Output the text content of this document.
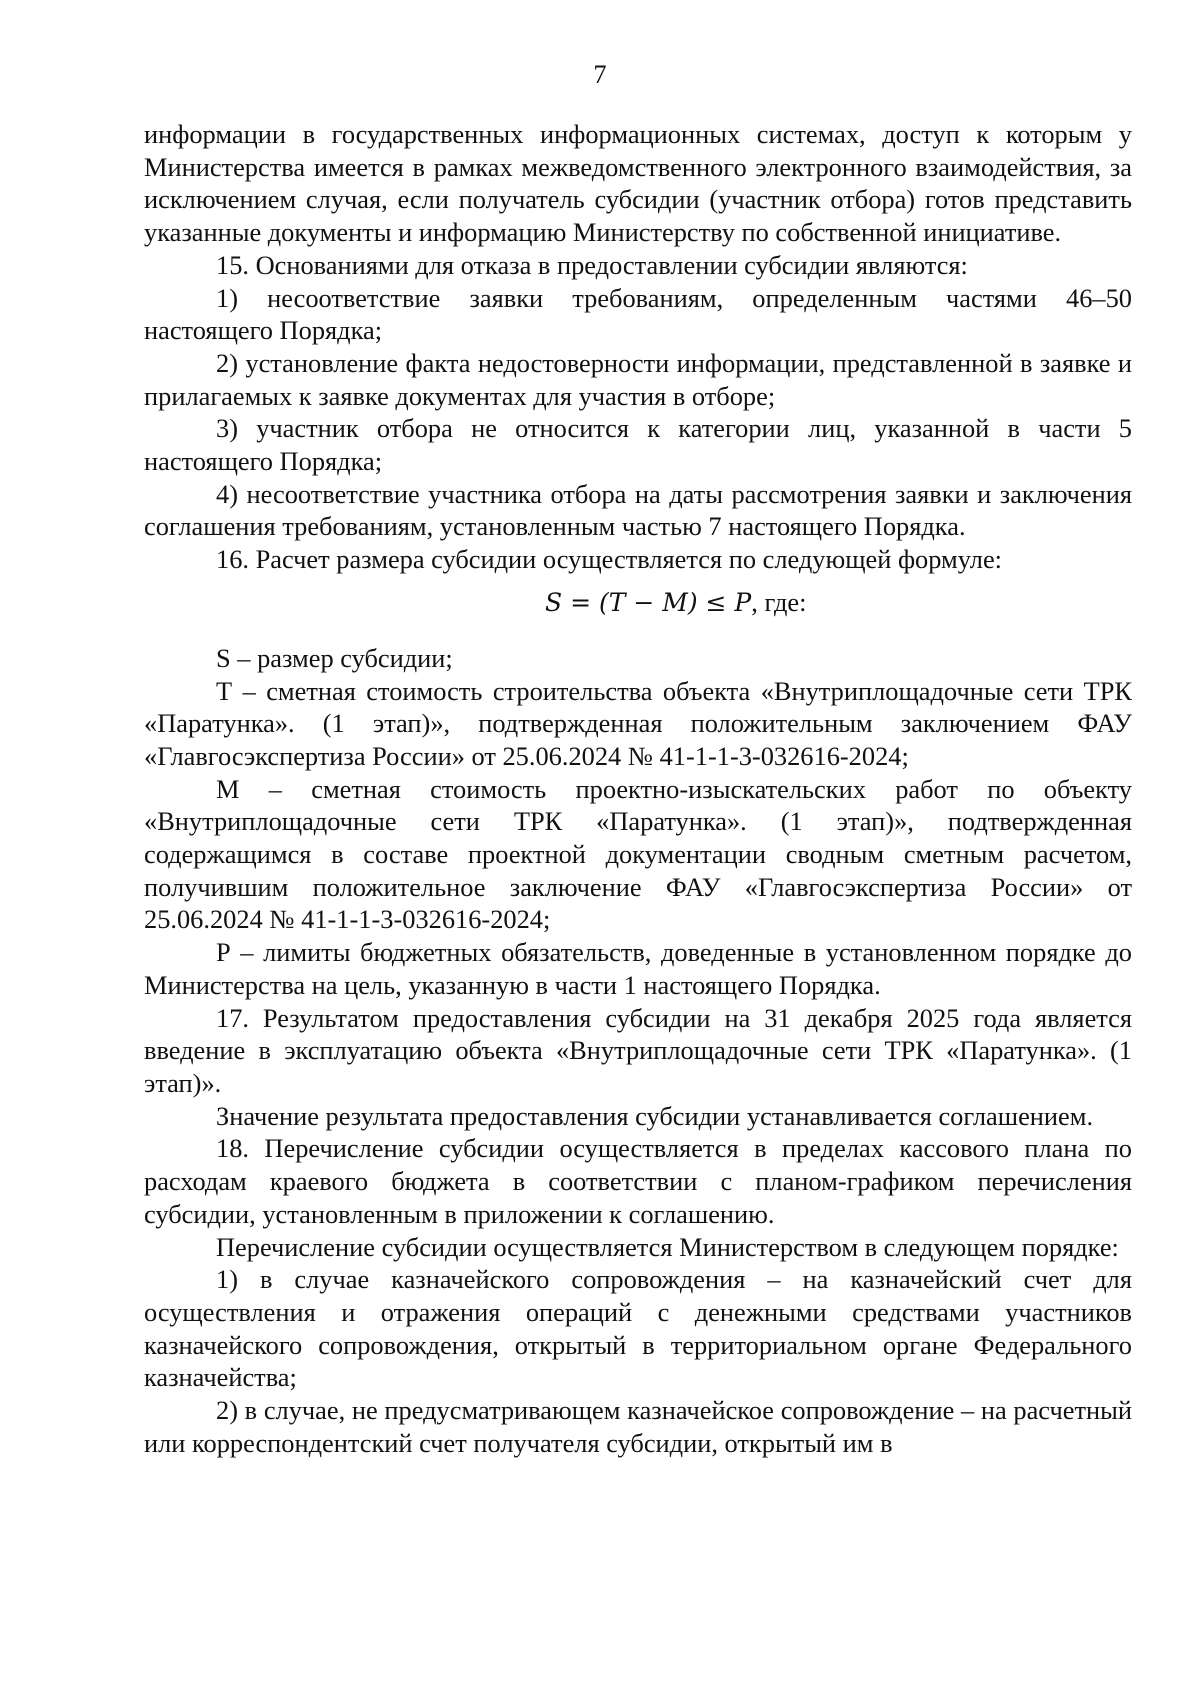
7

информации в государственных информационных системах, доступ к которым у Министерства имеется в рамках межведомственного электронного взаимодействия, за исключением случая, если получатель субсидии (участник отбора) готов представить указанные документы и информацию Министерству по собственной инициативе.

15. Основаниями для отказа в предоставлении субсидии являются:

1) несоответствие заявки требованиям, определенным частями 46–50 настоящего Порядка;

2) установление факта недостоверности информации, представленной в заявке и прилагаемых к заявке документах для участия в отборе;

3) участник отбора не относится к категории лиц, указанной в части 5 настоящего Порядка;

4) несоответствие участника отбора на даты рассмотрения заявки и заключения соглашения требованиям, установленным частью 7 настоящего Порядка.

16. Расчет размера субсидии осуществляется по следующей формуле:

S = (T − M) ≤ P, где:

S – размер субсидии;

Т – сметная стоимость строительства объекта «Внутриплощадочные сети ТРК «Паратунка». (1 этап)», подтвержденная положительным заключением ФАУ «Главгосэкспертиза России» от 25.06.2024 № 41-1-1-3-032616-2024;

М – сметная стоимость проектно-изыскательских работ по объекту «Внутриплощадочные сети ТРК «Паратунка». (1 этап)», подтвержденная содержащимся в составе проектной документации сводным сметным расчетом, получившим положительное заключение ФАУ «Главгосэкспертиза России» от 25.06.2024 № 41-1-1-3-032616-2024;

Р – лимиты бюджетных обязательств, доведенные в установленном порядке до Министерства на цель, указанную в части 1 настоящего Порядка.

17. Результатом предоставления субсидии на 31 декабря 2025 года является введение в эксплуатацию объекта «Внутриплощадочные сети ТРК «Паратунка». (1 этап)».

Значение результата предоставления субсидии устанавливается соглашением.

18. Перечисление субсидии осуществляется в пределах кассового плана по расходам краевого бюджета в соответствии с планом-графиком перечисления субсидии, установленным в приложении к соглашению.

Перечисление субсидии осуществляется Министерством в следующем порядке:

1) в случае казначейского сопровождения – на казначейский счет для осуществления и отражения операций с денежными средствами участников казначейского сопровождения, открытый в территориальном органе Федерального казначейства;

2) в случае, не предусматривающем казначейское сопровождение – на расчетный или корреспондентский счет получателя субсидии, открытый им в
